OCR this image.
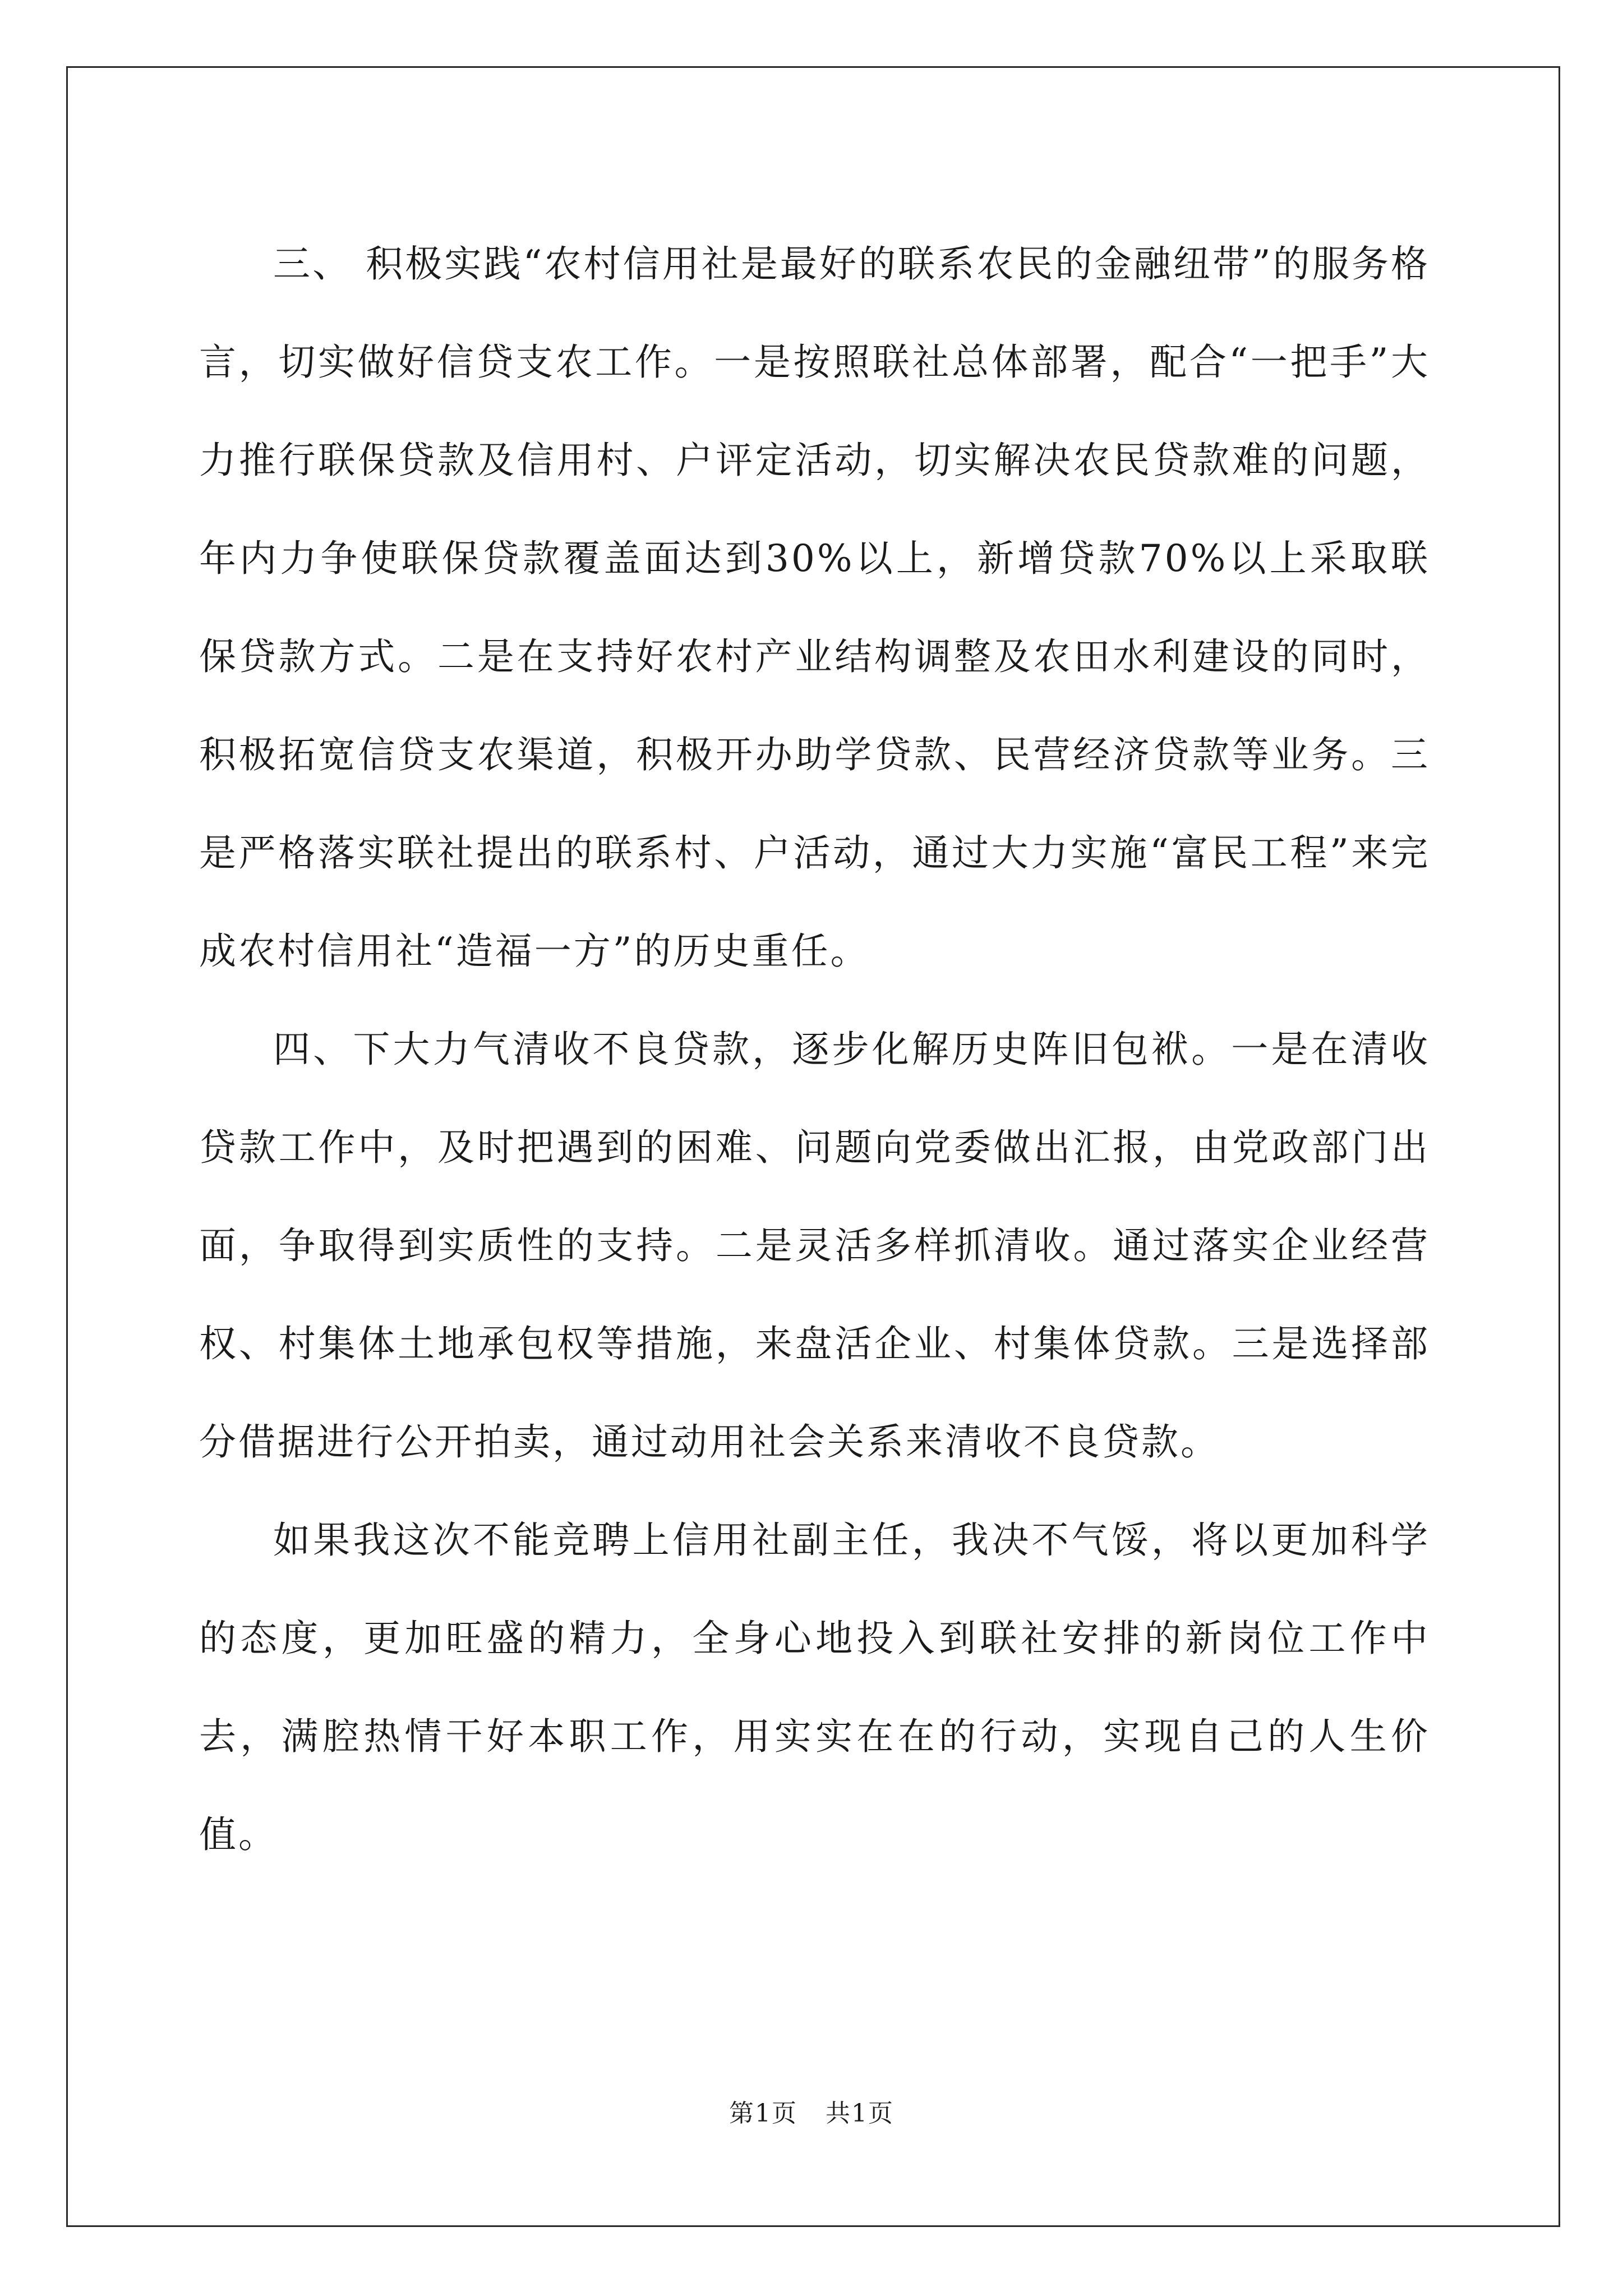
三、 积极实践“农村信用社是最好的联系农民的金融纽带”的服务格言，切实做好信贷支农工作。一是按照联社总体部署，配合“一把手”大力推行联保贷款及信用村、户评定活动，切实解决农民贷款难的问题，年内力争使联保贷款覆盖面达到30%以上，新增贷款70%以上采取联保贷款方式。二是在支持好农村产业结构调整及农田水利建设的同时，积极拓宽信贷支农渠道，积极开办助学贷款、民营经济贷款等业务。三是严格落实联社提出的联系村、户活动，通过大力实施“富民工程”来完成农村信用社“造福一方”的历史重任。

四、下大力气清收不良贷款，逐步化解历史阵旧包袱。一是在清收贷款工作中，及时把遇到的困难、问题向党委做出汇报，由党政部门出面，争取得到实质性的支持。二是灵活多样抓清收。通过落实企业经营权、村集体土地承包权等措施，来盘活企业、村集体贷款。三是选择部分借据进行公开拍卖，通过动用社会关系来清收不良贷款。

如果我这次不能竞聘上信用社副主任，我决不气馁，将以更加科学的态度，更加旺盛的精力，全身心地投入到联社安排的新岗位工作中去，满腔热情干好本职工作，用实实在在的行动，实现自己的人生价值。

第1页 共1页
